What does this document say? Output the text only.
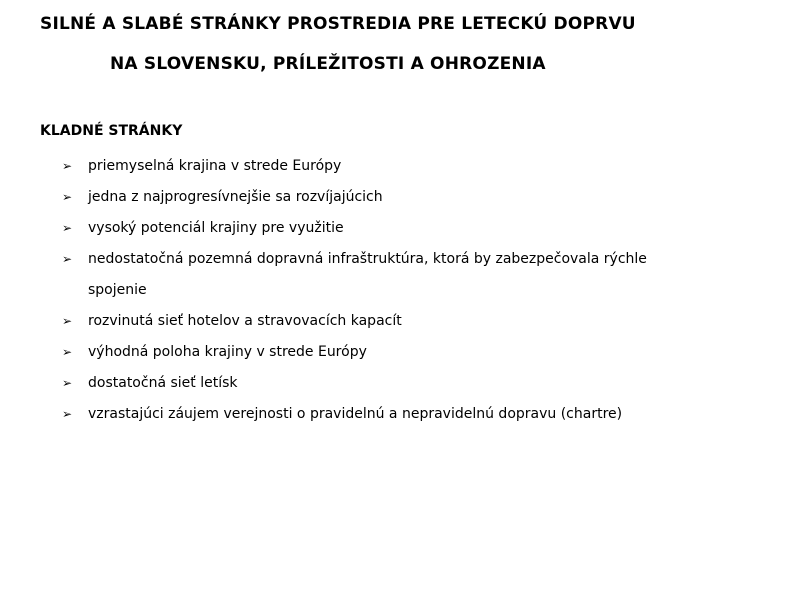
SILNÉ A SLABÉ STRÁNKY PROSTREDIA PRE LETECKÚ DOPRVU
NA SLOVENSKU, PRÍLEŽITOSTI A OHROZENIA
KLADNÉ STRÁNKY
➢	priemyselná krajina v strede Európy
➢	jedna z najprogresívnejšie sa rozvíjajúcich
➢	vysoký potenciál krajiny pre využitie
➢	nedostatočná pozemná dopravná infraštruktúra, ktorá by zabezpečovala rýchle spojenie
➢	rozvinutá sieť hotelov a stravovacích kapacít
➢	výhodná poloha krajiny v strede Európy
➢	dostatočná sieť letísk
➢	vzrastajúci záujem verejnosti o pravidelnú a nepravidelnú dopravu (chartre)
